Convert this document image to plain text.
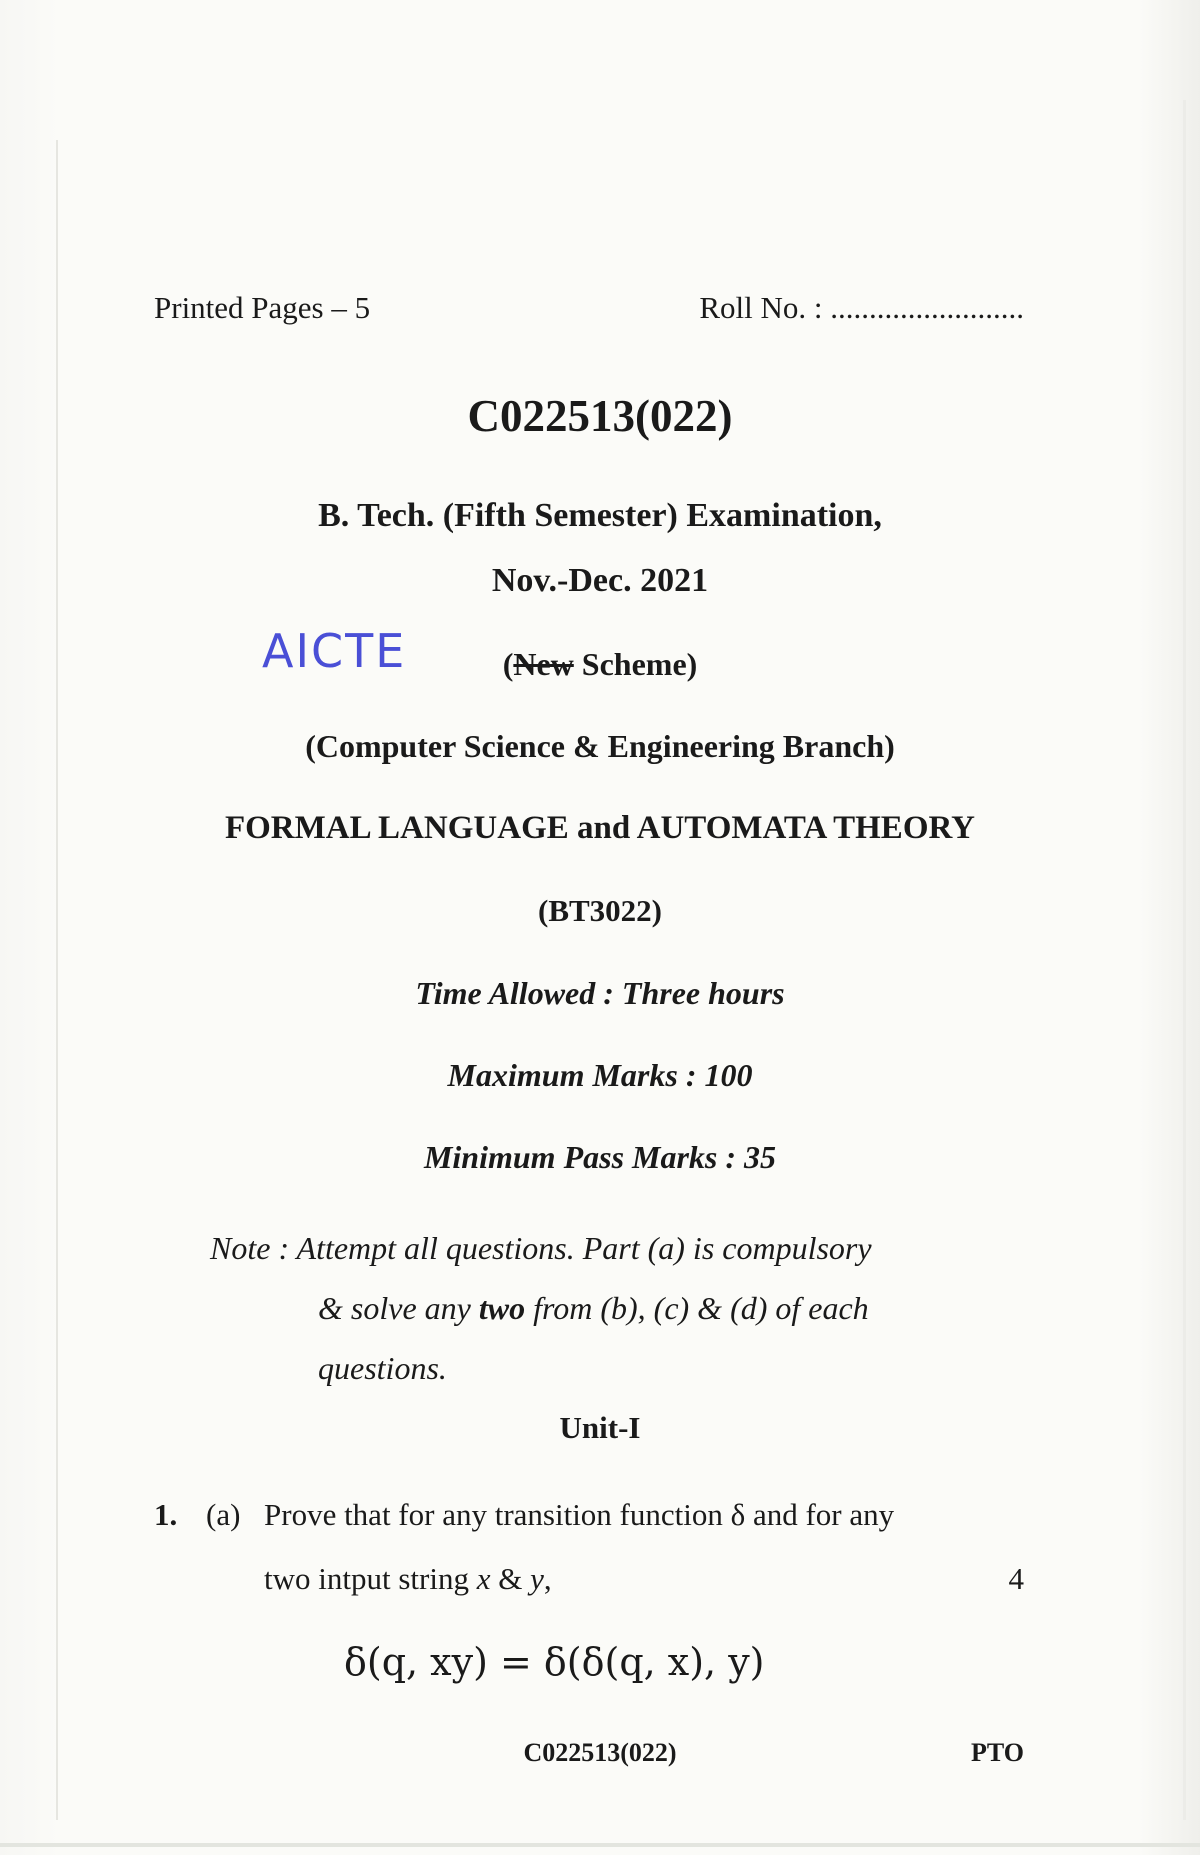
Printed Pages – 5	Roll No. : .........................
C022513(022)
B. Tech. (Fifth Semester) Examination,
Nov.-Dec. 2021
AICTE	(New Scheme)
(Computer Science & Engineering Branch)
FORMAL LANGUAGE and AUTOMATA THEORY
(BT3022)
Time Allowed : Three hours
Maximum Marks : 100
Minimum Pass Marks : 35
Note : Attempt all questions. Part (a) is compulsory
& solve any two from (b), (c) & (d) of each
questions.
Unit-I
1. (a) Prove that for any transition function δ and for any
two intput string x & y,	4
δ(q, xy) = δ(δ(q, x), y)
C022513(022)	PTO
